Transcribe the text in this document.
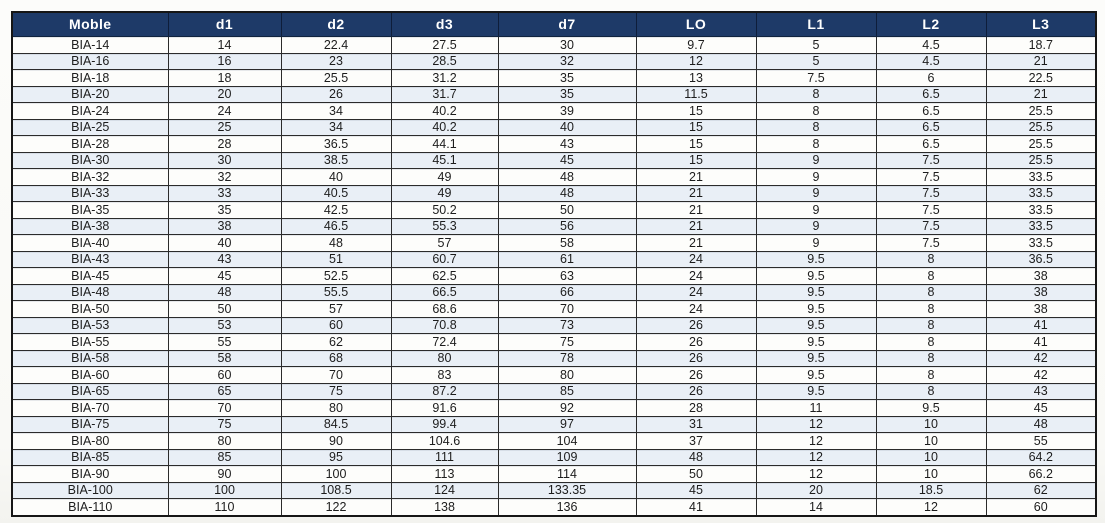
Moble	d1	d2	d3	d7	LO	L1	L2	L3
BIA-14	14	22.4	27.5	30	9.7	5	4.5	18.7
BIA-16	16	23	28.5	32	12	5	4.5	21
BIA-18	18	25.5	31.2	35	13	7.5	6	22.5
BIA-20	20	26	31.7	35	11.5	8	6.5	21
BIA-24	24	34	40.2	39	15	8	6.5	25.5
BIA-25	25	34	40.2	40	15	8	6.5	25.5
BIA-28	28	36.5	44.1	43	15	8	6.5	25.5
BIA-30	30	38.5	45.1	45	15	9	7.5	25.5
BIA-32	32	40	49	48	21	9	7.5	33.5
BIA-33	33	40.5	49	48	21	9	7.5	33.5
BIA-35	35	42.5	50.2	50	21	9	7.5	33.5
BIA-38	38	46.5	55.3	56	21	9	7.5	33.5
BIA-40	40	48	57	58	21	9	7.5	33.5
BIA-43	43	51	60.7	61	24	9.5	8	36.5
BIA-45	45	52.5	62.5	63	24	9.5	8	38
BIA-48	48	55.5	66.5	66	24	9.5	8	38
BIA-50	50	57	68.6	70	24	9.5	8	38
BIA-53	53	60	70.8	73	26	9.5	8	41
BIA-55	55	62	72.4	75	26	9.5	8	41
BIA-58	58	68	80	78	26	9.5	8	42
BIA-60	60	70	83	80	26	9.5	8	42
BIA-65	65	75	87.2	85	26	9.5	8	43
BIA-70	70	80	91.6	92	28	11	9.5	45
BIA-75	75	84.5	99.4	97	31	12	10	48
BIA-80	80	90	104.6	104	37	12	10	55
BIA-85	85	95	111	109	48	12	10	64.2
BIA-90	90	100	113	114	50	12	10	66.2
BIA-100	100	108.5	124	133.35	45	20	18.5	62
BIA-110	110	122	138	136	41	14	12	60
